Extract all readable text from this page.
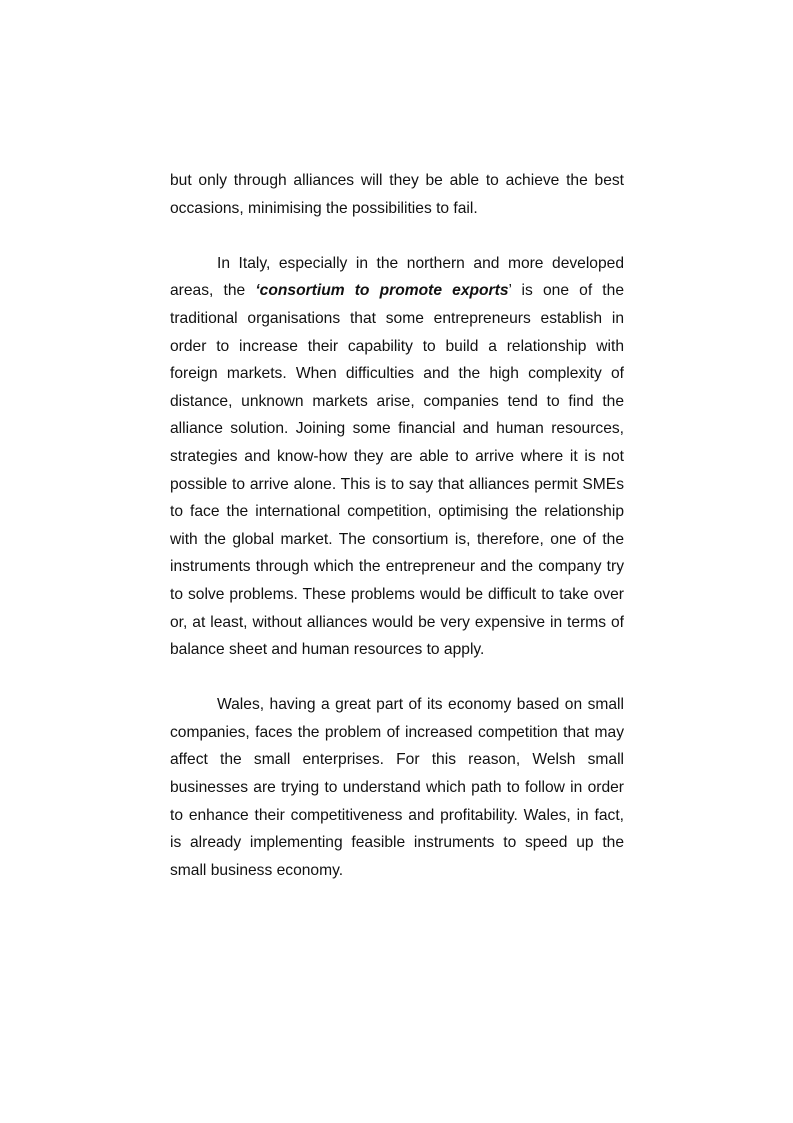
but only through alliances will they be able to achieve the best occasions, minimising the possibilities to fail.

In Italy, especially in the northern and more developed areas, the ‘consortium to promote exports’ is one of the traditional organisations that some entrepreneurs establish in order to increase their capability to build a relationship with foreign markets. When difficulties and the high complexity of distance, unknown markets arise, companies tend to find the alliance solution. Joining some financial and human resources, strategies and know-how they are able to arrive where it is not possible to arrive alone. This is to say that alliances permit SMEs to face the international competition, optimising the relationship with the global market. The consortium is, therefore, one of the instruments through which the entrepreneur and the company try to solve problems. These problems would be difficult to take over or, at least, without alliances would be very expensive in terms of balance sheet and human resources to apply.

Wales, having a great part of its economy based on small companies, faces the problem of increased competition that may affect the small enterprises. For this reason, Welsh small businesses are trying to understand which path to follow in order to enhance their competitiveness and profitability. Wales, in fact, is already implementing feasible instruments to speed up the small business economy.
